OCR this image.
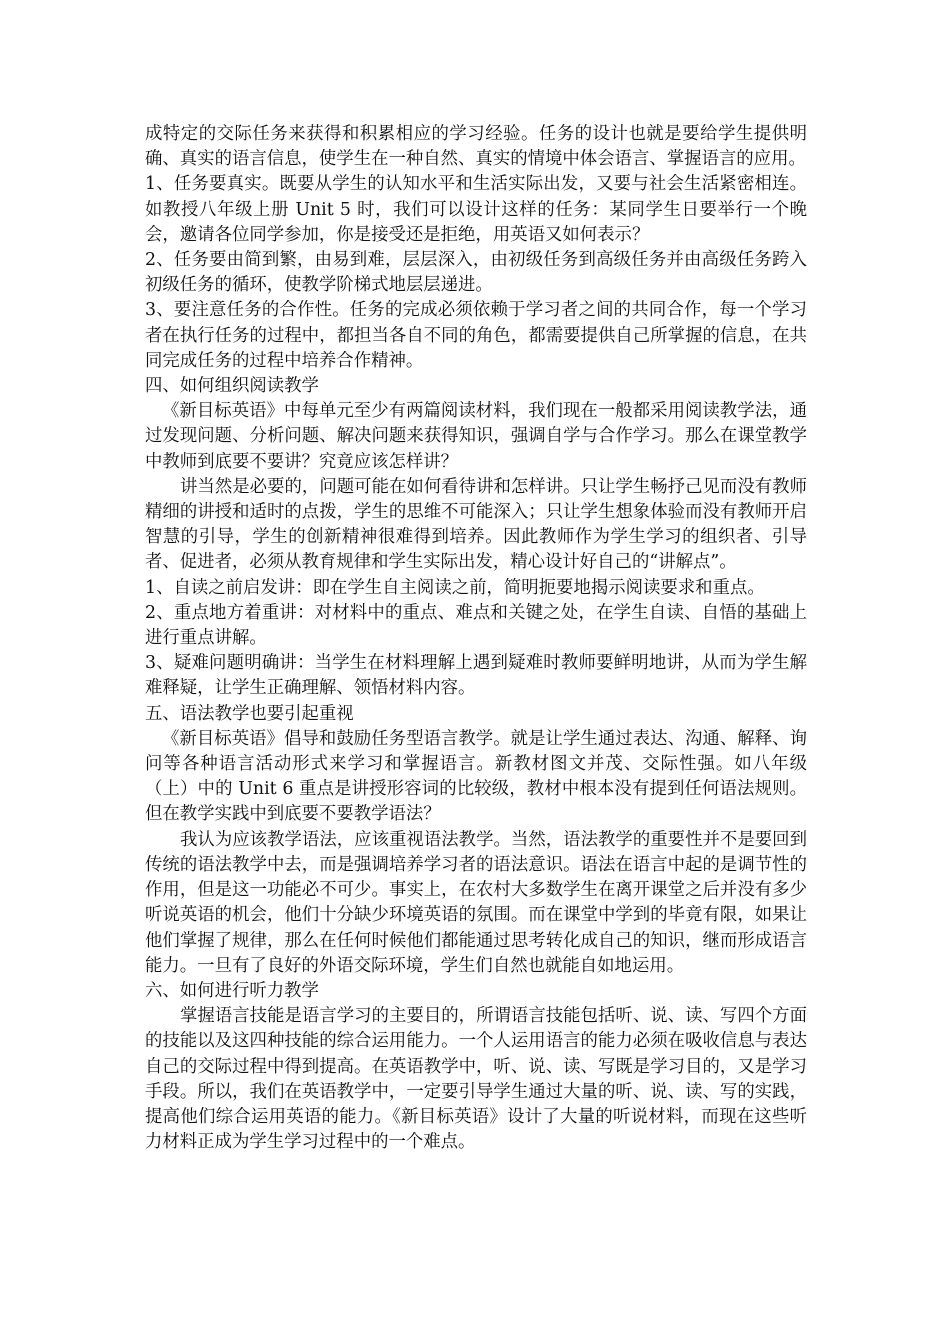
成特定的交际任务来获得和积累相应的学习经验。任务的设计也就是要给学生提供明确、真实的语言信息，使学生在一种自然、真实的情境中体会语言、掌握语言的应用。

1、任务要真实。既要从学生的认知水平和生活实际出发，又要与社会生活紧密相连。如教授八年级上册 Unit 5 时，我们可以设计这样的任务：某同学生日要举行一个晚会，邀请各位同学参加，你是接受还是拒绝，用英语又如何表示？

2、任务要由简到繁，由易到难，层层深入，由初级任务到高级任务并由高级任务跨入初级任务的循环，使教学阶梯式地层层递进。

3、要注意任务的合作性。任务的完成必须依赖于学习者之间的共同合作，每一个学习者在执行任务的过程中，都担当各自不同的角色，都需要提供自己所掌握的信息，在共同完成任务的过程中培养合作精神。

四、如何组织阅读教学

《新目标英语》中每单元至少有两篇阅读材料，我们现在一般都采用阅读教学法，通过发现问题、分析问题、解决问题来获得知识，强调自学与合作学习。那么在课堂教学中教师到底要不要讲？究竟应该怎样讲？

讲当然是必要的，问题可能在如何看待讲和怎样讲。只让学生畅抒己见而没有教师精细的讲授和适时的点拨，学生的思维不可能深入；只让学生想象体验而没有教师开启智慧的引导，学生的创新精神很难得到培养。因此教师作为学生学习的组织者、引导者、促进者，必须从教育规律和学生实际出发，精心设计好自己的“讲解点”。

1、自读之前启发讲：即在学生自主阅读之前，简明扼要地揭示阅读要求和重点。

2、重点地方着重讲：对材料中的重点、难点和关键之处，在学生自读、自悟的基础上进行重点讲解。

3、疑难问题明确讲：当学生在材料理解上遇到疑难时教师要鲜明地讲，从而为学生解难释疑，让学生正确理解、领悟材料内容。

五、语法教学也要引起重视

《新目标英语》倡导和鼓励任务型语言教学。就是让学生通过表达、沟通、解释、询问等各种语言活动形式来学习和掌握语言。新教材图文并茂、交际性强。如八年级（上）中的 Unit 6 重点是讲授形容词的比较级，教材中根本没有提到任何语法规则。但在教学实践中到底要不要教学语法？

我认为应该教学语法，应该重视语法教学。当然，语法教学的重要性并不是要回到传统的语法教学中去，而是强调培养学习者的语法意识。语法在语言中起的是调节性的作用，但是这一功能必不可少。事实上，在农村大多数学生在离开课堂之后并没有多少听说英语的机会，他们十分缺少环境英语的氛围。而在课堂中学到的毕竟有限，如果让他们掌握了规律，那么在任何时候他们都能通过思考转化成自己的知识，继而形成语言能力。一旦有了良好的外语交际环境，学生们自然也就能自如地运用。

六、如何进行听力教学

掌握语言技能是语言学习的主要目的，所谓语言技能包括听、说、读、写四个方面的技能以及这四种技能的综合运用能力。一个人运用语言的能力必须在吸收信息与表达自己的交际过程中得到提高。在英语教学中，听、说、读、写既是学习目的，又是学习手段。所以，我们在英语教学中，一定要引导学生通过大量的听、说、读、写的实践，提高他们综合运用英语的能力。《新目标英语》设计了大量的听说材料，而现在这些听力材料正成为学生学习过程中的一个难点。
